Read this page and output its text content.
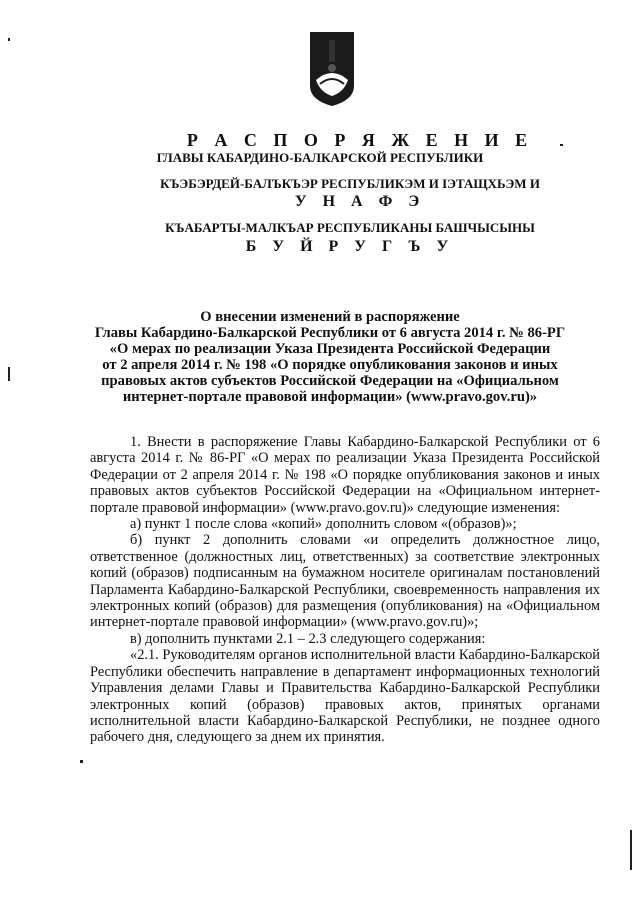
Р А С П О Р Я Ж Е Н И Е
ГЛАВЫ КАБАРДИНО-БАЛКАРСКОЙ РЕСПУБЛИКИ
КЪЭБЭРДЕЙ-БАЛЪКЪЭР РЕСПУБЛИКЭМ И ІЭТАЩХЬЭМ И
У Н А Ф Э
КЪАБАРТЫ-МАЛКЪАР РЕСПУБЛИКАНЫ БАШЧЫСЫНЫ
Б У Й Р У Г Ъ У
О внесении изменений в распоряжение
Главы Кабардино-Балкарской Республики от 6 августа 2014 г. № 86-РГ
«О мерах по реализации Указа Президента Российской Федерации
от 2 апреля 2014 г. № 198 «О порядке опубликования законов и иных
правовых актов субъектов Российской Федерации на «Официальном
интернет-портале правовой информации» (www.pravo.gov.ru)»

1. Внести в распоряжение Главы Кабардино-Балкарской Республики от 6 августа 2014 г. № 86-РГ «О мерах по реализации Указа Президента Российской Федерации от 2 апреля 2014 г. № 198 «О порядке опубликования законов и иных правовых актов субъектов Российской Федерации на «Официальном интернет-портале правовой информации» (www.pravo.gov.ru)» следующие изменения:

а) пункт 1 после слова «копий» дополнить словом «(образов)»;

б) пункт 2 дополнить словами «и определить должностное лицо, ответственное (должностных лиц, ответственных) за соответствие электронных копий (образов) подписанным на бумажном носителе оригиналам постановлений Парламента Кабардино-Балкарской Республики, своевременность направления их электронных копий (образов) для размещения (опубликования) на «Официальном интернет-портале правовой информации» (www.pravo.gov.ru)»;

в) дополнить пунктами 2.1 – 2.3 следующего содержания:

«2.1. Руководителям органов исполнительной власти Кабардино-Балкарской Республики обеспечить направление в департамент информационных технологий Управления делами Главы и Правительства Кабардино-Балкарской Республики электронных копий (образов) правовых актов, принятых органами исполнительной власти Кабардино-Балкарской Республики, не позднее одного рабочего дня, следующего за днем их принятия.
